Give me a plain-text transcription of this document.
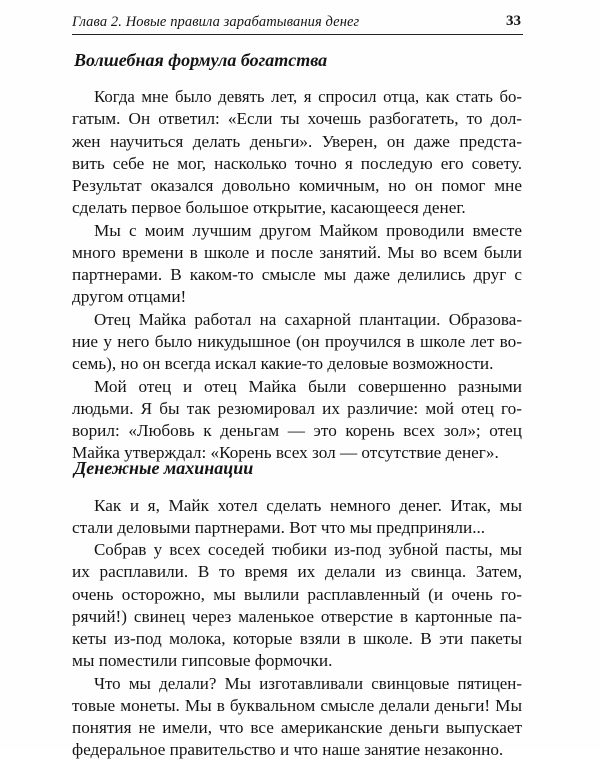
Глава 2. Новые правила зарабатывания денег	33
Волшебная формула богатства
Когда мне было девять лет, я спросил отца, как стать бо-
гатым. Он ответил: «Если ты хочешь разбогатеть, то дол-
жен научиться делать деньги». Уверен, он даже предста-
вить себе не мог, насколько точно я последую его совету.
Результат оказался довольно комичным, но он помог мне
сделать первое большое открытие, касающееся денег.
Мы с моим лучшим другом Майком проводили вместе
много времени в школе и после занятий. Мы во всем были
партнерами. В каком-то смысле мы даже делились друг с
другом отцами!
Отец Майка работал на сахарной плантации. Образова-
ние у него было никудышное (он проучился в школе лет во-
семь), но он всегда искал какие-то деловые возможности.
Мой отец и отец Майка были совершенно разными
людьми. Я бы так резюмировал их различие: мой отец го-
ворил: «Любовь к деньгам — это корень всех зол»; отец
Майка утверждал: «Корень всех зол — отсутствие денег».
Денежные махинации
Как и я, Майк хотел сделать немного денег. Итак, мы
стали деловыми партнерами. Вот что мы предприняли...
Собрав у всех соседей тюбики из-под зубной пасты, мы
их расплавили. В то время их делали из свинца. Затем,
очень осторожно, мы вылили расплавленный (и очень го-
рячий!) свинец через маленькое отверстие в картонные па-
кеты из-под молока, которые взяли в школе. В эти пакеты
мы поместили гипсовые формочки.
Что мы делали? Мы изготавливали свинцовые пятицен-
товые монеты. Мы в буквальном смысле делали деньги! Мы
понятия не имели, что все американские деньги выпускает
федеральное правительство и что наше занятие незаконно.
